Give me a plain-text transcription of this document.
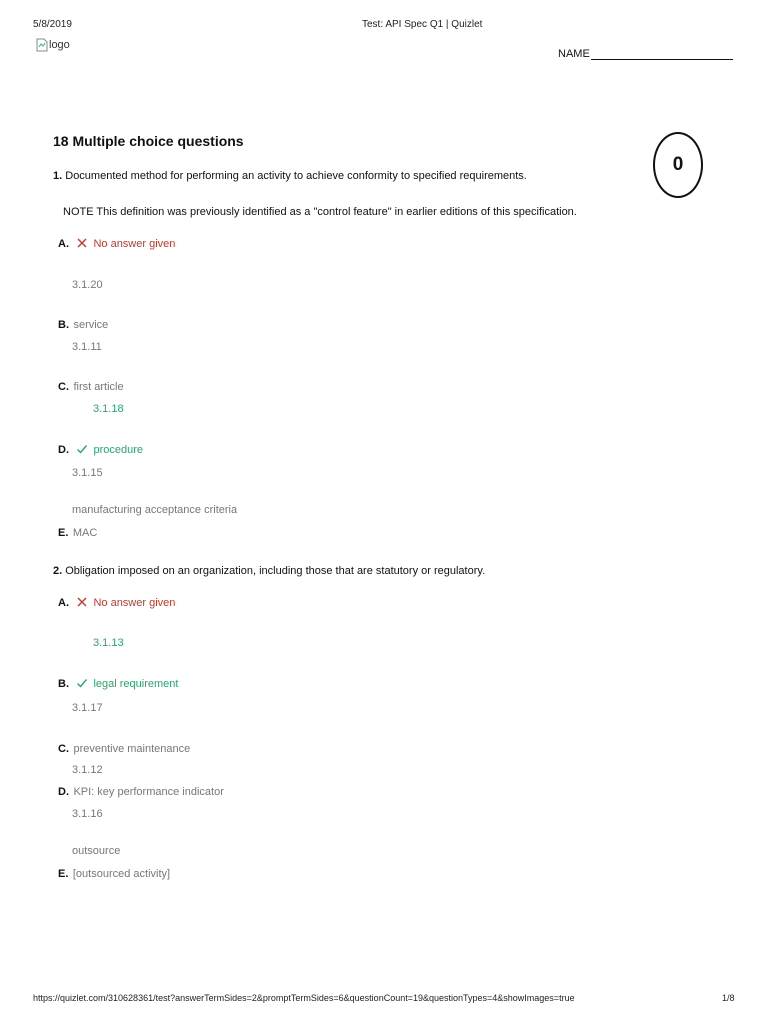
5/8/2019	Test: API Spec Q1 | Quizlet
logo
NAME
18 Multiple choice questions
0
1. Documented method for performing an activity to achieve conformity to specified requirements.
NOTE This definition was previously identified as a "control feature" in earlier editions of this specification.
A. No answer given
3.1.20
B. service
3.1.11
C. first article
3.1.18
D. procedure
3.1.15
manufacturing acceptance criteria
E. MAC
2. Obligation imposed on an organization, including those that are statutory or regulatory.
A. No answer given
3.1.13
B. legal requirement
3.1.17
C. preventive maintenance
3.1.12
D. KPI: key performance indicator
3.1.16
outsource
E. [outsourced activity]
https://quizlet.com/310628361/test?answerTermSides=2&promptTermSides=6&questionCount=19&questionTypes=4&showImages=true	1/8
